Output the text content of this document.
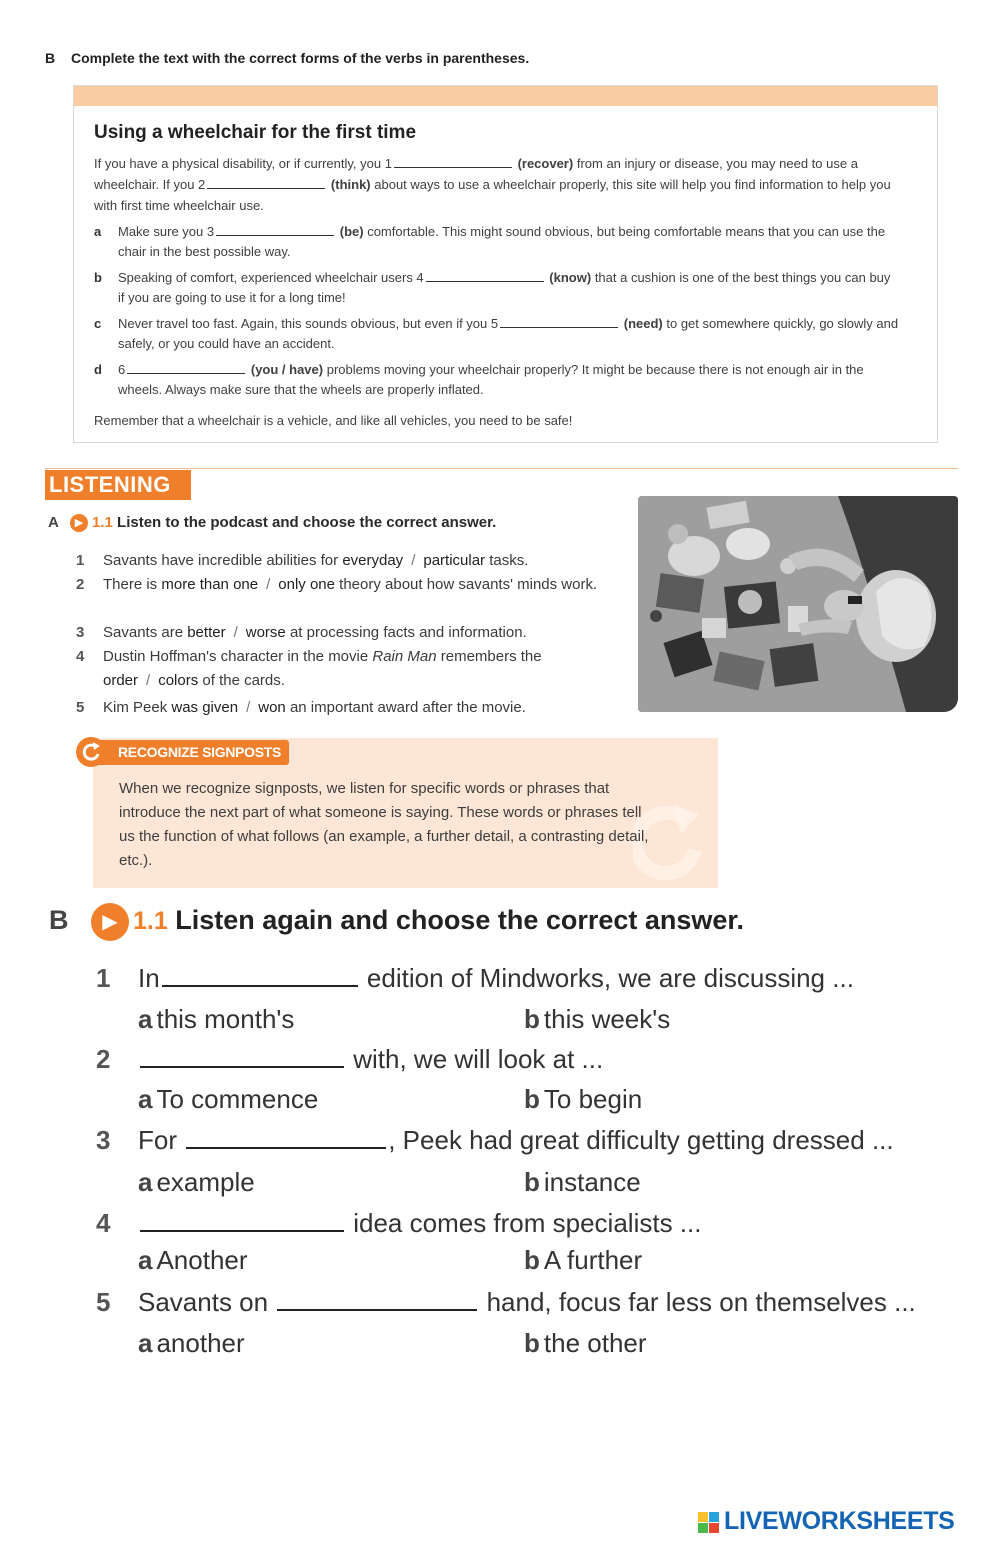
B Complete the text with the correct forms of the verbs in parentheses.
Using a wheelchair for the first time
If you have a physical disability, or if currently, you 1	(recover) from an injury or disease, you may need to use a wheelchair. If you 2	(think) about ways to use a wheelchair properly, this site will help you find information to help you with first time wheelchair use.
a Make sure you 3	(be) comfortable. This might sound obvious, but being comfortable means that you can use the chair in the best possible way.
b Speaking of comfort, experienced wheelchair users 4	(know) that a cushion is one of the best things you can buy if you are going to use it for a long time!
c Never travel too fast. Again, this sounds obvious, but even if you 5	(need) to get somewhere quickly, go slowly and safely, or you could have an accident.
d 6	(you / have) problems moving your wheelchair properly? It might be because there is not enough air in the wheels. Always make sure that the wheels are properly inflated.
Remember that a wheelchair is a vehicle, and like all vehicles, you need to be safe!
LISTENING
A ▶ 1.1 Listen to the podcast and choose the correct answer.
1 Savants have incredible abilities for everyday / particular tasks.
2 There is more than one / only one theory about how savants' minds work.
3 Savants are better / worse at processing facts and information.
4 Dustin Hoffman's character in the movie Rain Man remembers the order / colors of the cards.
5 Kim Peek was given / won an important award after the movie.
RECOGNIZE SIGNPOSTS
When we recognize signposts, we listen for specific words or phrases that introduce the next part of what someone is saying. These words or phrases tell us the function of what follows (an example, a further detail, a contrasting detail, etc.).
B ▶ 1.1 Listen again and choose the correct answer.
1 In	edition of Mindworks, we are discussing ...
a this month's	b this week's
2	with, we will look at ...
a To commence	b To begin
3 For	, Peek had great difficulty getting dressed ...
a example	b instance
4	idea comes from specialists ...
a Another	b A further
5 Savants on	hand, focus far less on themselves ...
a another	b the other
LIVEWORKSHEETS
